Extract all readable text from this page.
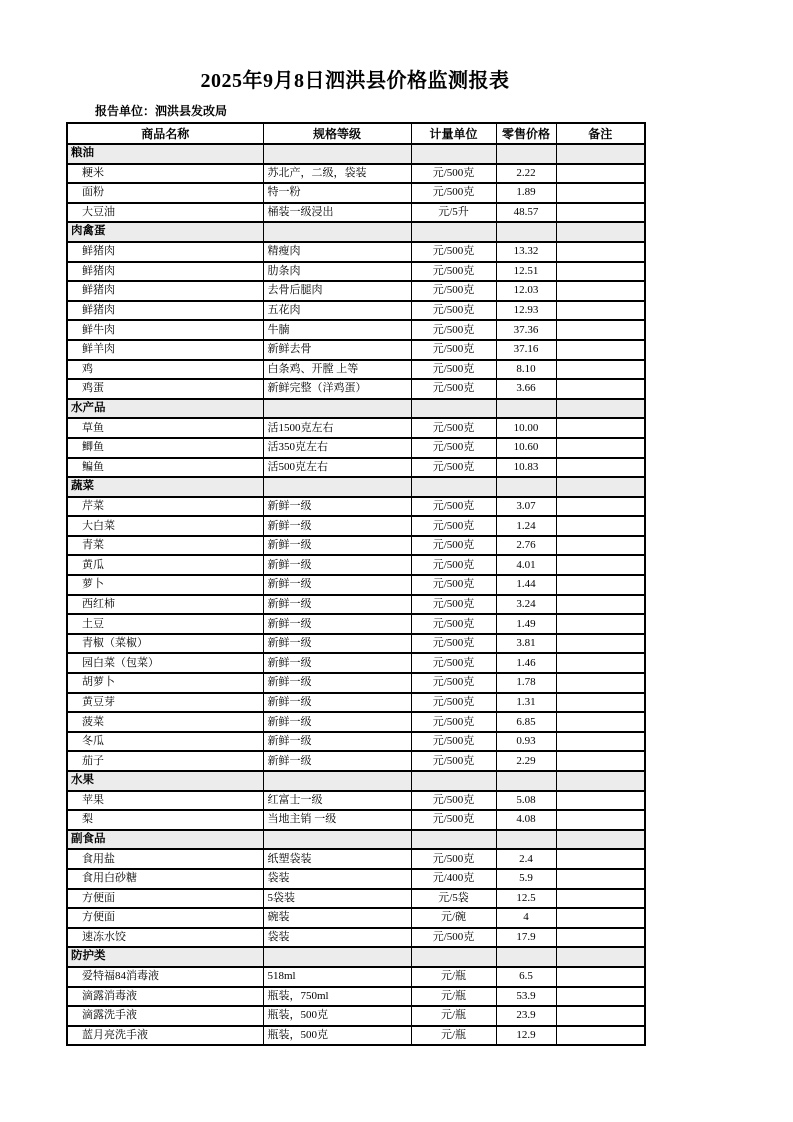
2025年9月8日泗洪县价格监测报表
报告单位：泗洪县发改局
商品名称	规格等级	计量单位	零售价格	备注
粮油				
粳米	苏北产，二级，袋装	元/500克	2.22	
面粉	特一粉	元/500克	1.89	
大豆油	桶装一级浸出	元/5升	48.57	
肉禽蛋				
鲜猪肉	精瘦肉	元/500克	13.32	
鲜猪肉	肋条肉	元/500克	12.51	
鲜猪肉	去骨后腿肉	元/500克	12.03	
鲜猪肉	五花肉	元/500克	12.93	
鲜牛肉	牛腩	元/500克	37.36	
鲜羊肉	新鲜去骨	元/500克	37.16	
鸡	白条鸡、开膛 上等	元/500克	8.10	
鸡蛋	新鲜完整（洋鸡蛋）	元/500克	3.66	
水产品				
草鱼	活1500克左右	元/500克	10.00	
鲫鱼	活350克左右	元/500克	10.60	
鳊鱼	活500克左右	元/500克	10.83	
蔬菜				
芹菜	新鲜一级	元/500克	3.07	
大白菜	新鲜一级	元/500克	1.24	
青菜	新鲜一级	元/500克	2.76	
黄瓜	新鲜一级	元/500克	4.01	
萝卜	新鲜一级	元/500克	1.44	
西红柿	新鲜一级	元/500克	3.24	
土豆	新鲜一级	元/500克	1.49	
青椒（菜椒）	新鲜一级	元/500克	3.81	
园白菜（包菜）	新鲜一级	元/500克	1.46	
胡萝卜	新鲜一级	元/500克	1.78	
黄豆芽	新鲜一级	元/500克	1.31	
菠菜	新鲜一级	元/500克	6.85	
冬瓜	新鲜一级	元/500克	0.93	
茄子	新鲜一级	元/500克	2.29	
水果				
苹果	红富士一级	元/500克	5.08	
梨	当地主销 一级	元/500克	4.08	
副食品				
食用盐	纸塑袋装	元/500克	2.4	
食用白砂糖	袋装	元/400克	5.9	
方便面	5袋装	元/5袋	12.5	
方便面	碗装	元/碗	4	
速冻水饺	袋装	元/500克	17.9	
防护类				
爱特福84消毒液	518ml	元/瓶	6.5	
滴露消毒液	瓶装，750ml	元/瓶	53.9	
滴露洗手液	瓶装，500克	元/瓶	23.9	
蓝月亮洗手液	瓶装，500克	元/瓶	12.9	
